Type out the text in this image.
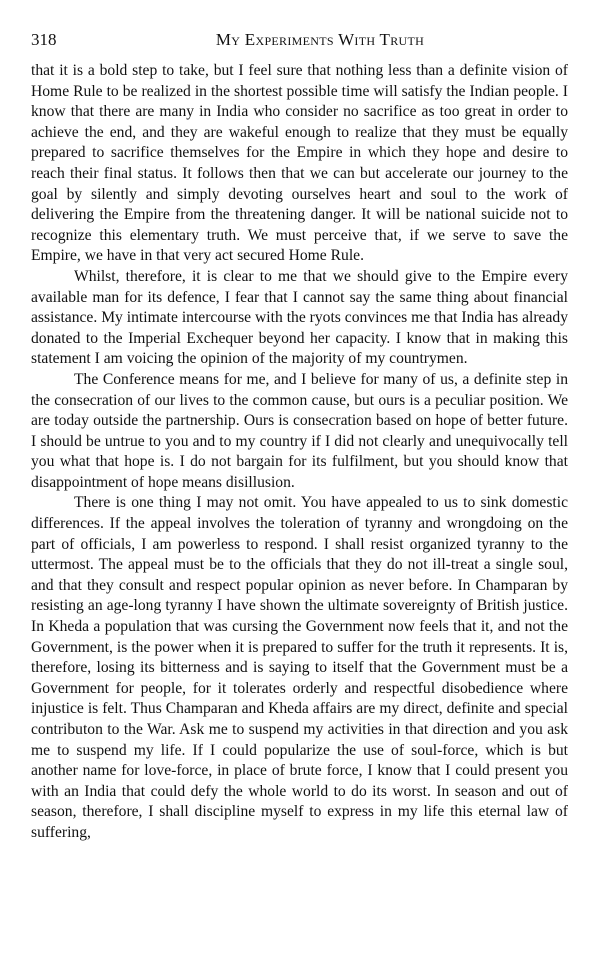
318	My Experiments With Truth

that it is a bold step to take, but I feel sure that nothing less than a definite vision of Home Rule to be realized in the shortest possible time will satisfy the Indian people. I know that there are many in India who consider no sacrifice as too great in order to achieve the end, and they are wakeful enough to realize that they must be equally prepared to sacrifice themselves for the Empire in which they hope and desire to reach their final status. It follows then that we can but accelerate our journey to the goal by silently and simply devoting ourselves heart and soul to the work of delivering the Empire from the threatening danger. It will be national suicide not to recognize this elementary truth. We must perceive that, if we serve to save the Empire, we have in that very act secured Home Rule.

Whilst, therefore, it is clear to me that we should give to the Empire every available man for its defence, I fear that I cannot say the same thing about financial assistance. My intimate intercourse with the ryots convinces me that India has already donated to the Imperial Exchequer beyond her capacity. I know that in making this statement I am voicing the opinion of the majority of my countrymen.

The Conference means for me, and I believe for many of us, a definite step in the consecration of our lives to the common cause, but ours is a peculiar position. We are today outside the partnership. Ours is consecration based on hope of better future. I should be untrue to you and to my country if I did not clearly and unequivocally tell you what that hope is. I do not bargain for its fulfilment, but you should know that disappointment of hope means disillusion.

There is one thing I may not omit. You have appealed to us to sink domestic differences. If the appeal involves the toleration of tyranny and wrongdoing on the part of officials, I am powerless to respond. I shall resist organized tyranny to the uttermost. The appeal must be to the officials that they do not ill-treat a single soul, and that they consult and respect popular opinion as never before. In Champaran by resisting an age-long tyranny I have shown the ultimate sovereignty of British justice. In Kheda a population that was cursing the Government now feels that it, and not the Government, is the power when it is prepared to suffer for the truth it represents. It is, therefore, losing its bitterness and is saying to itself that the Government must be a Government for people, for it tolerates orderly and respectful disobedience where injustice is felt. Thus Champaran and Kheda affairs are my direct, definite and special contributon to the War. Ask me to suspend my activities in that direction and you ask me to suspend my life. If I could popularize the use of soul-force, which is but another name for love-force, in place of brute force, I know that I could present you with an India that could defy the whole world to do its worst. In season and out of season, therefore, I shall discipline myself to express in my life this eternal law of suffering,
